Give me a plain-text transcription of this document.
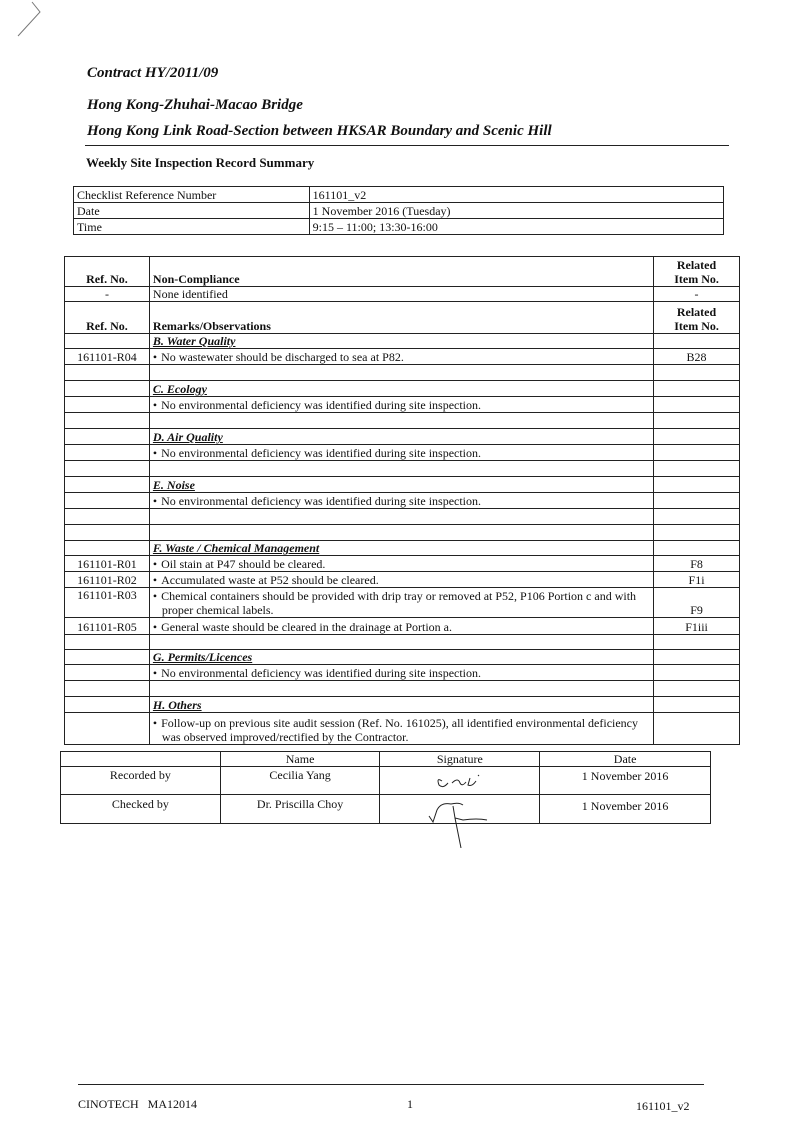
Contract HY/2011/09
Hong Kong-Zhuhai-Macao Bridge
Hong Kong Link Road-Section between HKSAR Boundary and Scenic Hill
Weekly Site Inspection Record Summary
Checklist Reference Number	161101_v2
Date	1 November 2016 (Tuesday)
Time	9:15 – 11:00; 13:30-16:00
Ref. No.	Non-Compliance	Related
Item No.
-	None identified	-
Ref. No.	Remarks/Observations	Related
Item No.
	B. Water Quality	
161101-R04	• No wastewater should be discharged to sea at P82.	B28

	C. Ecology	
	• No environmental deficiency was identified during site inspection.	

	D. Air Quality	
	• No environmental deficiency was identified during site inspection.	

	E. Noise	
	• No environmental deficiency was identified during site inspection.	

	F. Waste / Chemical Management	
161101-R01	• Oil stain at P47 should be cleared.	F8
161101-R02	• Accumulated waste at P52 should be cleared.	F1i
161101-R03	• Chemical containers should be provided with drip tray or removed at P52, P106 Portion c and with proper chemical labels.	F9
161101-R05	• General waste should be cleared in the drainage at Portion a.	F1iii

	G. Permits/Licences	
	• No environmental deficiency was identified during site inspection.	

	H. Others	
	• Follow-up on previous site audit session (Ref. No. 161025), all identified environmental deficiency was observed improved/rectified by the Contractor.	
	Name	Signature	Date
Recorded by	Cecilia Yang		1 November 2016
Checked by	Dr. Priscilla Choy		1 November 2016
CINOTECH   MA12014	1	161101_v2
